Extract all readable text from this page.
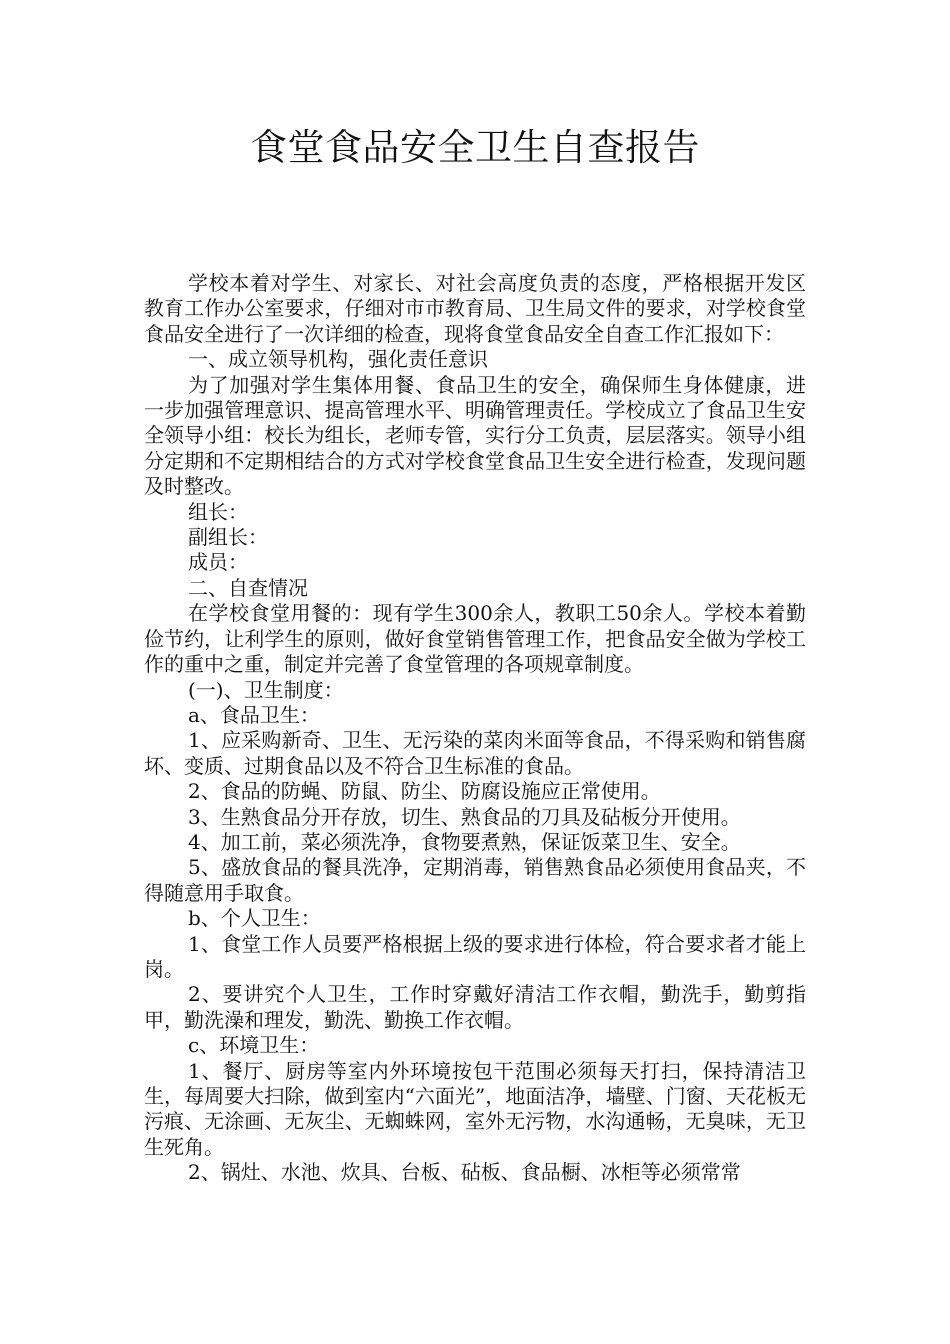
食堂食品安全卫生自查报告

学校本着对学生、对家长、对社会高度负责的态度，严格根据开发区教育工作办公室要求，仔细对市市教育局、卫生局文件的要求，对学校食堂食品安全进行了一次详细的检查，现将食堂食品安全自查工作汇报如下：

一、成立领导机构，强化责任意识

为了加强对学生集体用餐、食品卫生的安全，确保师生身体健康，进一步加强管理意识、提高管理水平、明确管理责任。学校成立了食品卫生安全领导小组：校长为组长，老师专管，实行分工负责，层层落实。领导小组分定期和不定期相结合的方式对学校食堂食品卫生安全进行检查，发现问题及时整改。

组长：

副组长：

成员：

二、自查情况

在学校食堂用餐的：现有学生300余人，教职工50余人。学校本着勤俭节约，让利学生的原则，做好食堂销售管理工作，把食品安全做为学校工作的重中之重，制定并完善了食堂管理的各项规章制度。

(一)、卫生制度：

a、食品卫生：

1、应采购新奇、卫生、无污染的菜肉米面等食品，不得采购和销售腐坏、变质、过期食品以及不符合卫生标准的食品。

2、食品的防蝇、防鼠、防尘、防腐设施应正常使用。

3、生熟食品分开存放，切生、熟食品的刀具及砧板分开使用。

4、加工前，菜必须洗净，食物要煮熟，保证饭菜卫生、安全。

5、盛放食品的餐具洗净，定期消毒，销售熟食品必须使用食品夹，不得随意用手取食。

b、个人卫生：

1、食堂工作人员要严格根据上级的要求进行体检，符合要求者才能上岗。

2、要讲究个人卫生，工作时穿戴好清洁工作衣帽，勤洗手，勤剪指甲，勤洗澡和理发，勤洗、勤换工作衣帽。

c、环境卫生：

1、餐厅、厨房等室内外环境按包干范围必须每天打扫，保持清洁卫生，每周要大扫除，做到室内“六面光”，地面洁净，墙壁、门窗、天花板无污痕、无涂画、无灰尘、无蜘蛛网，室外无污物，水沟通畅，无臭味，无卫生死角。

2、锅灶、水池、炊具、台板、砧板、食品橱、冰柜等必须常常
